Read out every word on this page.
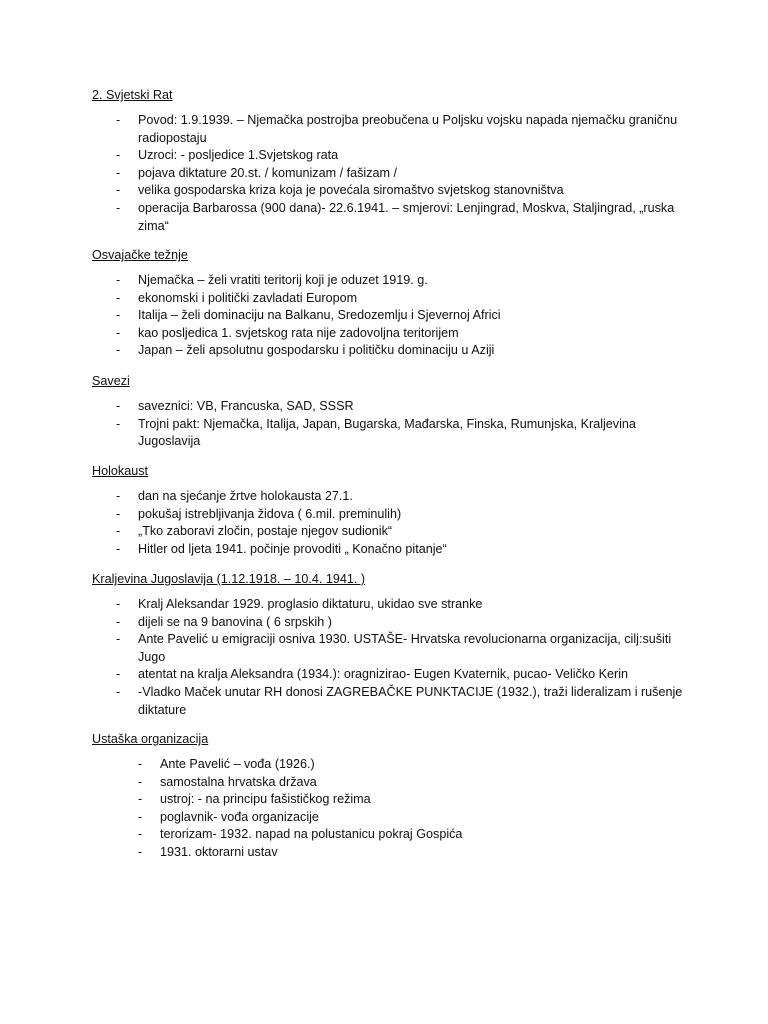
2. Svjetski Rat

- Povod: 1.9.1939. – Njemačka postrojba preobučena u Poljsku vojsku napada njemačku graničnu radiopostaju
- Uzroci: - posljedice 1.Svjetskog rata
- pojava diktature 20.st. / komunizam / fašizam /
- velika gospodarska kriza koja je povećala siromaštvo svjetskog stanovništva
- operacija Barbarossa (900 dana)- 22.6.1941. – smjerovi: Lenjingrad, Moskva, Staljingrad, „ruska zima“

Osvajačke težnje

- Njemačka – želi vratiti teritorij koji je oduzet 1919. g.
- ekonomski i politički zavladati Europom
- Italija – želi dominaciju na Balkanu, Sredozemlju i Sjevernoj Africi
- kao posljedica 1. svjetskog rata nije zadovoljna teritorijem
- Japan – želi apsolutnu gospodarsku i političku dominaciju u Aziji

Savezi

- saveznici: VB, Francuska, SAD, SSSR
- Trojni pakt: Njemačka, Italija, Japan, Bugarska, Mađarska, Finska, Rumunjska, Kraljevina Jugoslavija

Holokaust

- dan na sjećanje žrtve holokausta 27.1.
- pokušaj istrebljivanja židova ( 6.mil. preminulih)
- „Tko zaboravi zločin, postaje njegov sudionik“
- Hitler od ljeta 1941. počinje provoditi „ Konačno pitanje“

Kraljevina Jugoslavija (1.12.1918. – 10.4. 1941. )

- Kralj Aleksandar 1929. proglasio diktaturu, ukidao sve stranke
- dijeli se na 9 banovina ( 6 srpskih )
- Ante Pavelić u emigraciji osniva 1930. USTAŠE- Hrvatska revolucionarna organizacija, cilj:sušiti Jugo
- atentat na kralja Aleksandra (1934.): oragnizirao- Eugen Kvaternik, pucao- Veličko Kerin
- -Vladko Maček unutar RH donosi ZAGREBAČKE PUNKTACIJE (1932.), traži lideralizam i rušenje diktature

Ustaška organizacija

- Ante Pavelić – vođa (1926.)
- samostalna hrvatska država
- ustroj: - na principu fašističkog režima
- poglavnik- vođa organizacije
- terorizam- 1932. napad na polustanicu pokraj Gospića
- 1931. oktorarni ustav
